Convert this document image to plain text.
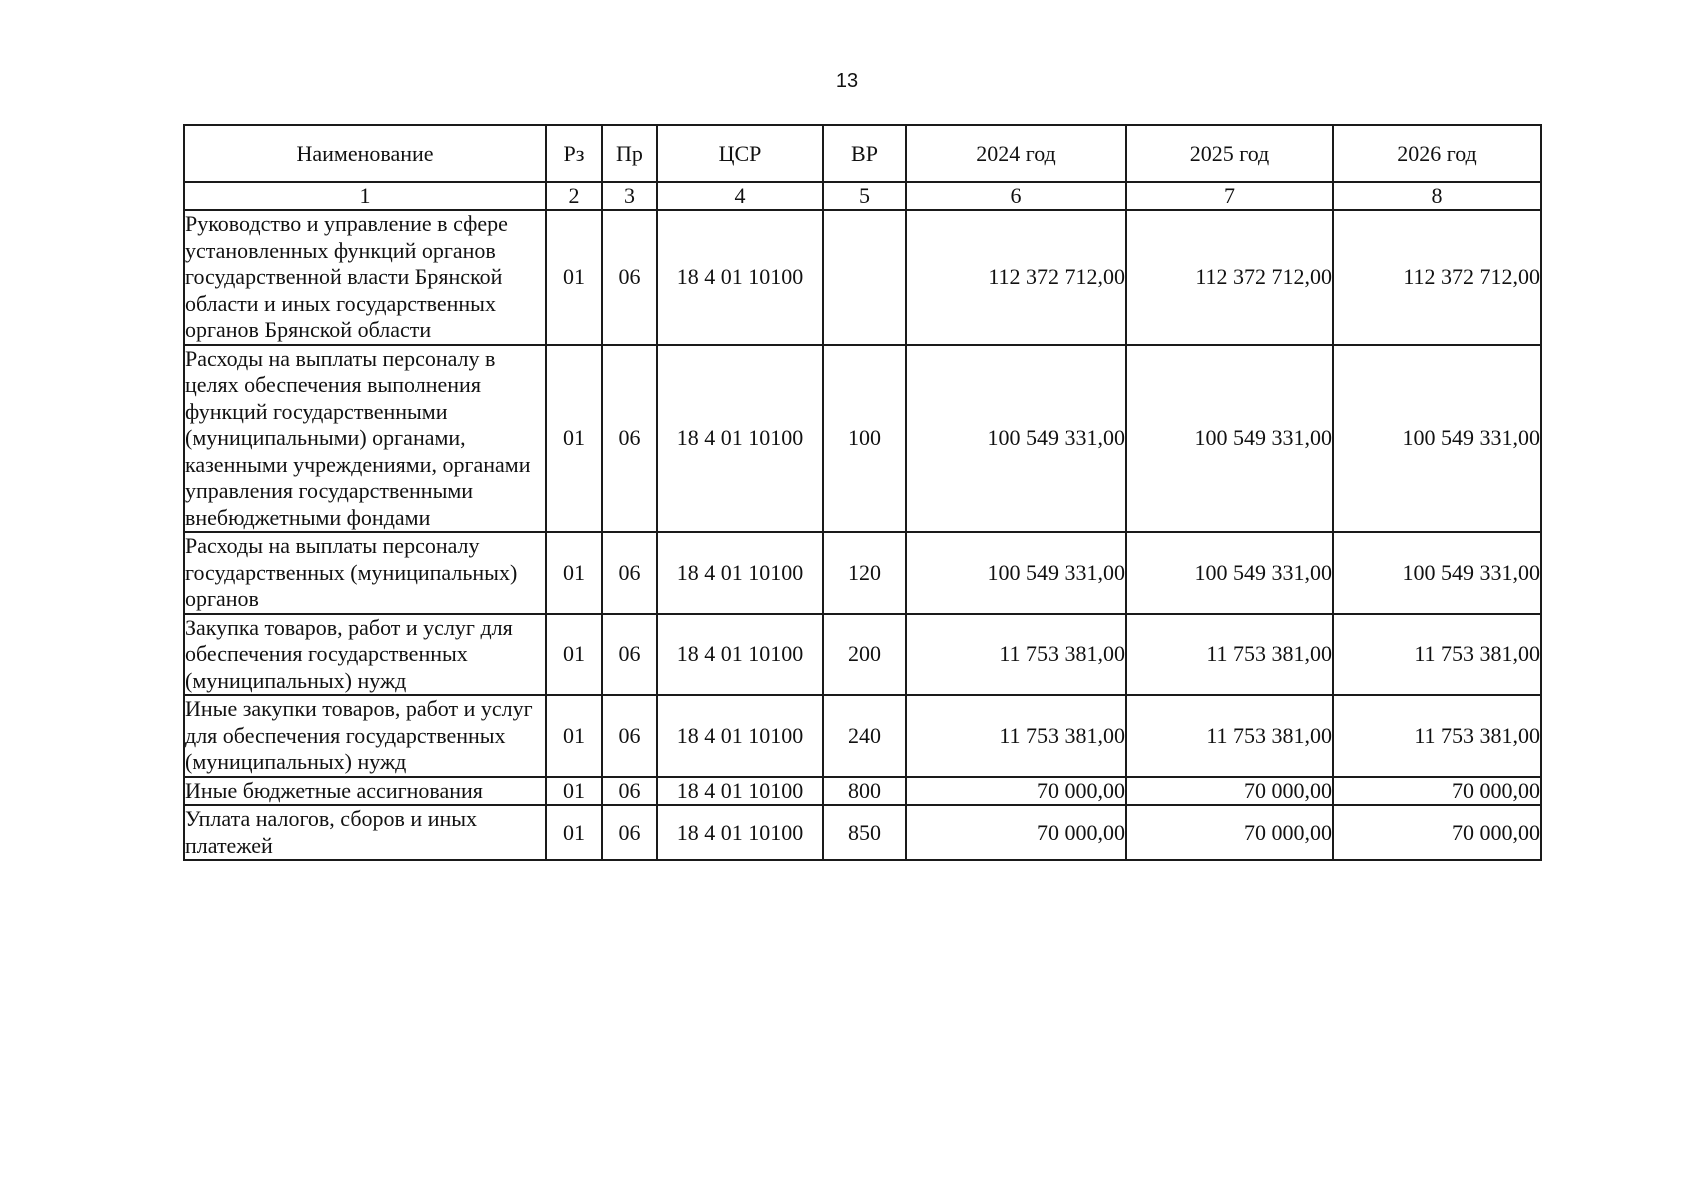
13
Наименование	Рз	Пр	ЦСР	ВР	2024 год	2025 год	2026 год
1	2	3	4	5	6	7	8
Руководство и управление в сфере установленных функций органов государственной власти Брянской области и иных государственных органов Брянской области	01	06	18 4 01 10100		112 372 712,00	112 372 712,00	112 372 712,00
Расходы на выплаты персоналу в целях обеспечения выполнения функций государственными (муниципальными) органами, казенными учреждениями, органами управления государственными внебюджетными фондами	01	06	18 4 01 10100	100	100 549 331,00	100 549 331,00	100 549 331,00
Расходы на выплаты персоналу государственных (муниципальных) органов	01	06	18 4 01 10100	120	100 549 331,00	100 549 331,00	100 549 331,00
Закупка товаров, работ и услуг для обеспечения государственных (муниципальных) нужд	01	06	18 4 01 10100	200	11 753 381,00	11 753 381,00	11 753 381,00
Иные закупки товаров, работ и услуг для обеспечения государственных (муниципальных) нужд	01	06	18 4 01 10100	240	11 753 381,00	11 753 381,00	11 753 381,00
Иные бюджетные ассигнования	01	06	18 4 01 10100	800	70 000,00	70 000,00	70 000,00
Уплата налогов, сборов и иных платежей	01	06	18 4 01 10100	850	70 000,00	70 000,00	70 000,00
